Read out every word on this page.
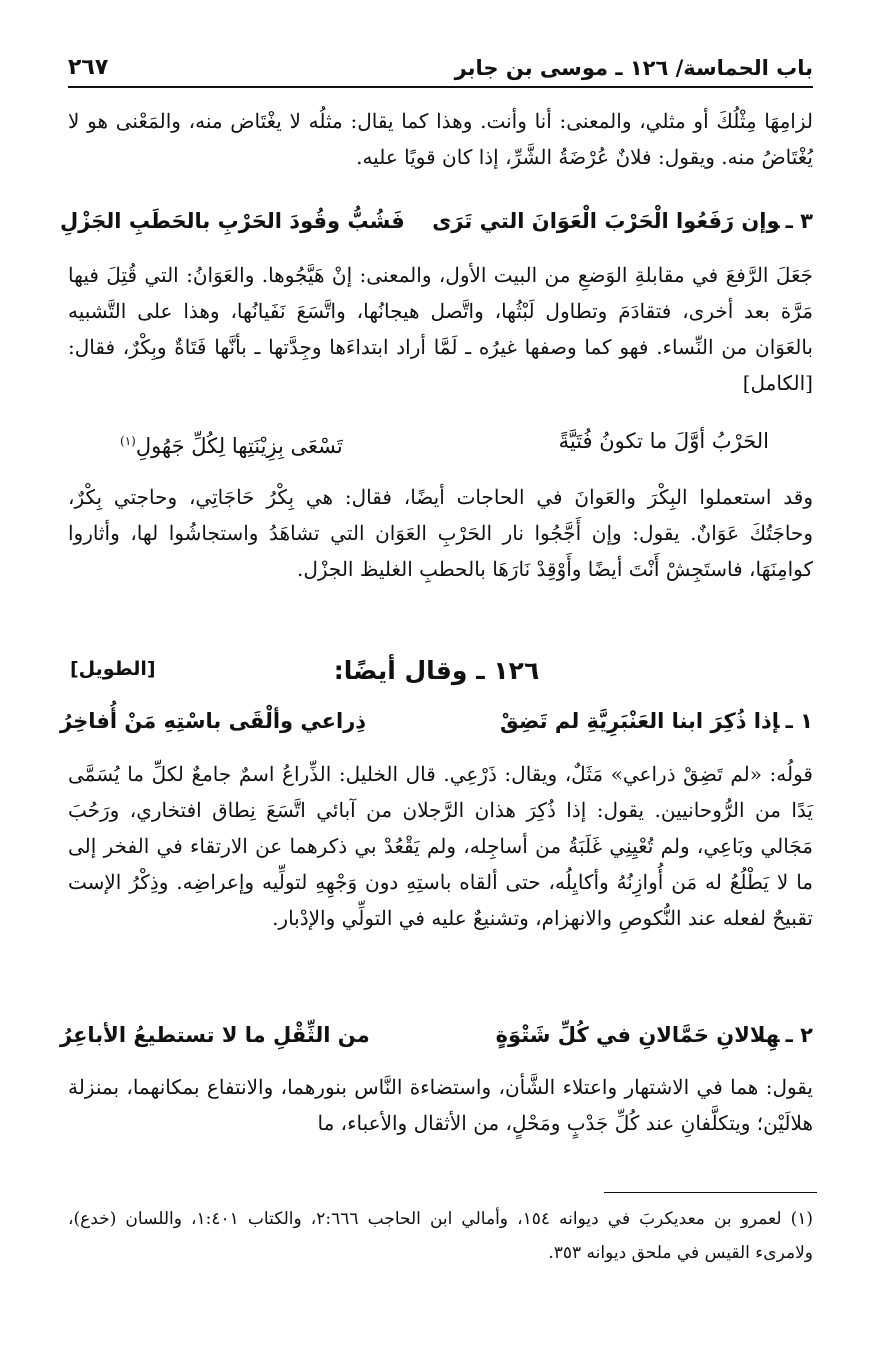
باب الحماسة/ ١٢٦ ـ موسى بن جابر
٢٦٧

لزامِهَا مِثْلُكَ أو مثلي، والمعنى: أنا وأنت. وهذا كما يقال: مثلُه لا يغْتَاض منه، والمَعْنى هو لا يُغْتَاضُ منه. ويقول: فلانٌ عُرْضَةُ الشَّرِّ، إذا كان قويًا عليه.

٣ ـوإن رَفَعُوا الْحَرْبَ الْعَوَانَ التي تَرَى
فَشُبُّ وقُودَ الحَرْبِ بالحَطَبِ الجَزْلِ

جَعَلَ الرَّفعَ في مقابلةِ الوَضعِ من البيت الأول، والمعنى: إنْ هَيَّجُوها. والعَوَانُ: التي قُتِلَ فيها مَرَّة بعد أخرى، فتقادَمَ وتطاول لَبْثُها، واتَّصل هيجانُها، واتَّسَعَ نَفَيانُها، وهذا على التَّشبيه بالعَوَان من النِّساء. فهو كما وصفها غيرُه ـ لَمَّا أراد ابتداءَها وجِدَّتها ـ بأنَّها فَتَاةٌ وبِكْرٌ، فقال: [الكامل]

الحَرْبُ أوَّلَ ما تكونُ فُتَيَّةً
تَسْعَى بِزِيْنَتِها لِكُلِّ جَهُولِ$^{(١)}$

وقد استعملوا البِكْرَ والعَوانَ في الحاجات أيضًا، فقال: هي بِكْرُ حَاجَاتِي، وحاجتي بِكْرٌ، وحاجَتُكَ عَوَانٌ. يقول: وإن أَجَّجُوا نار الحَرْبِ العَوَان التي تشاهَدُ واستجاشُوا لها، وأثاروا كوامِنَهَا، فاستَجِشْ أَنْتَ أيضًا وأَوْقِدْ نَارَهَا بالحطبِ الغليظ الجزْل.

١٢٦ ـ وقال أيضًا:
[الطويل]
١ ـإذا ذُكِرَ ابنا العَنْبَرِيَّةِ لم تَضِقْ
ذِراعي وألْقَى باسْتِهِ مَنْ أُفاخِرُ

قولُه: «لم تَضِقْ ذراعي» مَثَلٌ، ويقال: ذَرْعِي. قال الخليل: الذِّراعُ اسمٌ جامعٌ لكلِّ ما يُسَمَّى يَدًا من الرُّوحانيين. يقول: إذا ذُكِرَ هذان الرَّجلان من آبائي اتَّسَعَ نِطاق افتخاري، ورَحُبَ مَجَالي وبَاعِي، ولم تُعْيِنِي غَلَبَةُ من أساجِله، ولم يَقْعُدْ بي ذكرهما عن الارتقاء في الفخر إلى ما لا يَطْلُعُ له مَن أُوازِنُهُ وأكايِلُه، حتى ألقاه باستِهِ دون وَجْهِهِ لتولِّيه وإعراضِه. وذِكْرُ الإست تقبيحٌ لفعله عند النُّكوصِ والانهزام، وتشنيعٌ عليه في التولِّي والإدْبار.

٢ ـهِلالانِ حَمَّالانِ في كُلِّ شَتْوَةٍ
من الثِّقْلِ ما لا تستطيعُ الأباعِرُ

يقول: هما في الاشتهار واعتلاء الشَّأن، واستضاءة النَّاس بنورهما، والانتفاع بمكانهما، بمنزلة هلالَيْن؛ ويتكلَّفانِ عند كُلِّ جَدْبٍ ومَحْلٍ، من الأثقال والأعباء، ما

(١) لعمرو بن معديكربَ في ديوانه ١٥٤، وأمالي ابن الحاجب ٢:٦٦٦، والكتاب ١:٤٠١، واللسان (خدع)، ولامرىء القيس في ملحق ديوانه ٣٥٣.
